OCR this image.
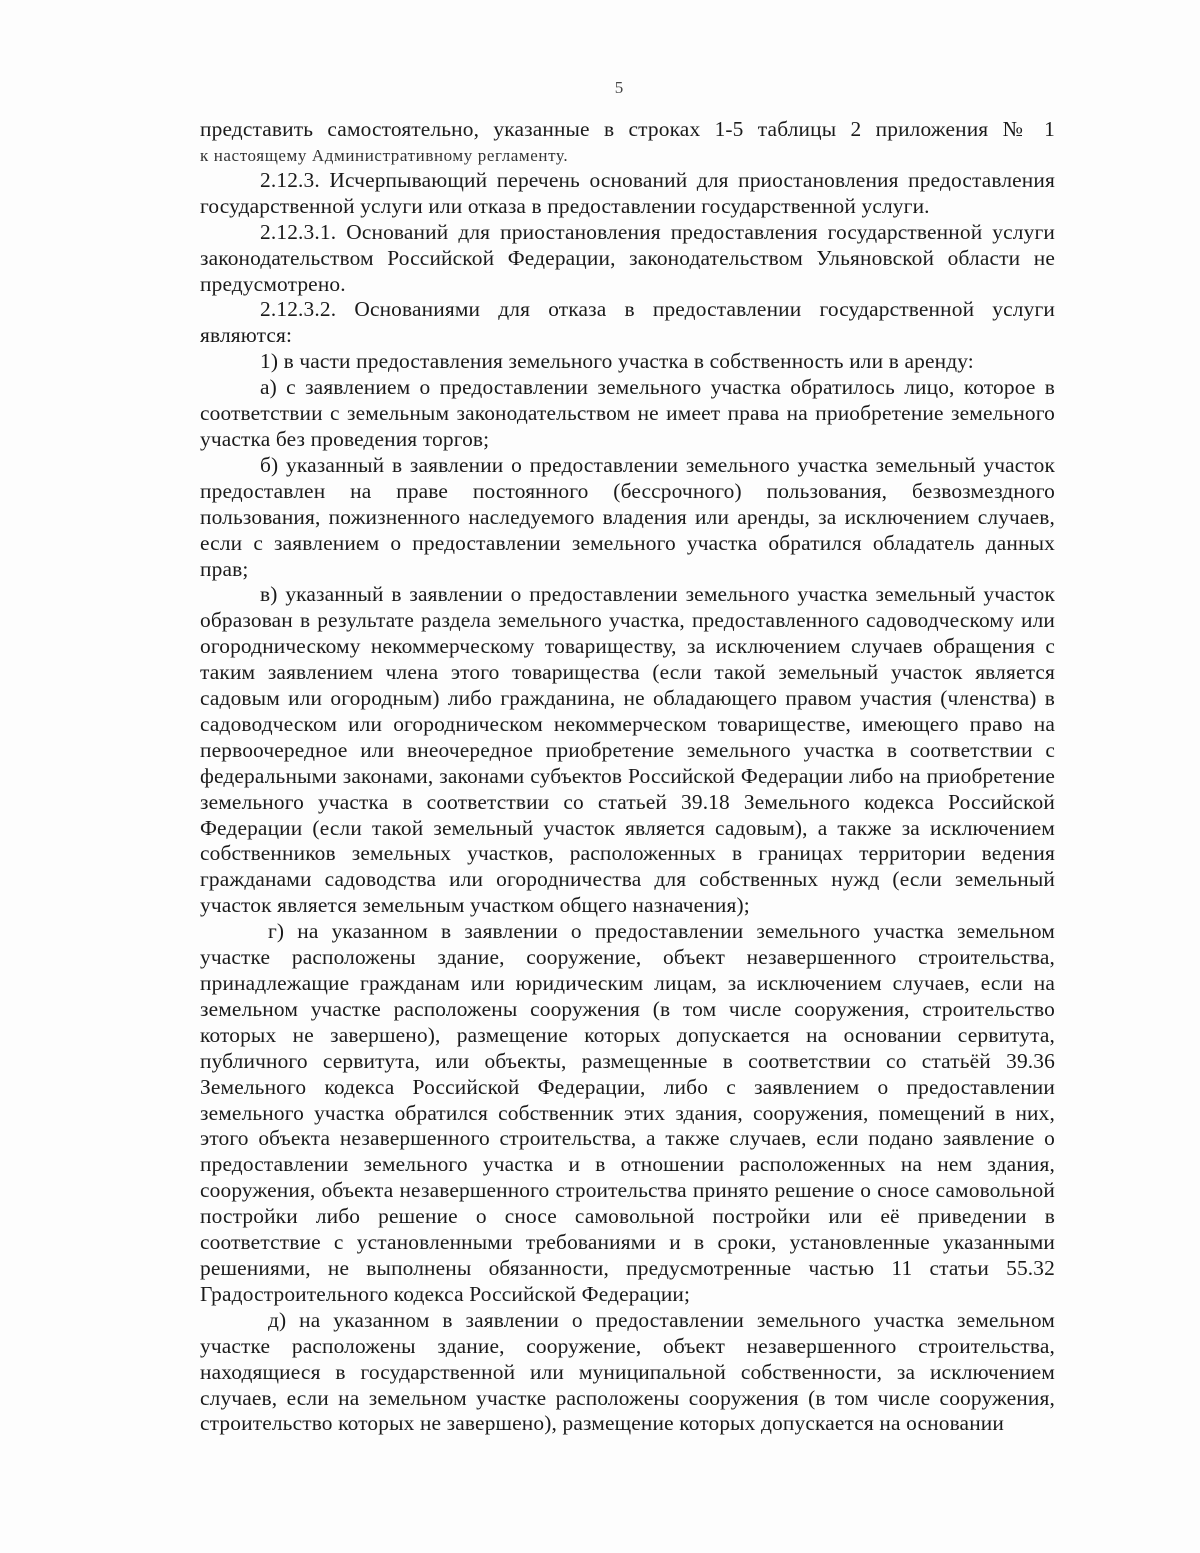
5

представить самостоятельно, указанные в строках 1-5 таблицы 2 приложения № 1

к настоящему Административному регламенту.

2.12.3. Исчерпывающий перечень оснований для приостановления предоставления государственной услуги или отказа в предоставлении государственной услуги.

2.12.3.1. Оснований для приостановления предоставления государственной услуги законодательством Российской Федерации, законодательством Ульяновской области не предусмотрено.

2.12.3.2. Основаниями для отказа в предоставлении государственной услуги являются:

1) в части предоставления земельного участка в собственность или в аренду:

а) с заявлением о предоставлении земельного участка обратилось лицо, которое в соответствии с земельным законодательством не имеет права на приобретение земельного участка без проведения торгов;

б) указанный в заявлении о предоставлении земельного участка земельный участок предоставлен на праве постоянного (бессрочного) пользования, безвозмездного пользования, пожизненного наследуемого владения или аренды, за исключением случаев, если с заявлением о предоставлении земельного участка обратился обладатель данных прав;

в) указанный в заявлении о предоставлении земельного участка земельный участок образован в результате раздела земельного участка, предоставленного садоводческому или огородническому некоммерческому товариществу, за исключением случаев обращения с таким заявлением члена этого товарищества (если такой земельный участок является садовым или огородным) либо гражданина, не обладающего правом участия (членства) в садоводческом или огородническом некоммерческом товариществе, имеющего право на первоочередное или внеочередное приобретение земельного участка в соответствии с федеральными законами, законами субъектов Российской Федерации либо на приобретение земельного участка в соответствии со статьей 39.18 Земельного кодекса Российской Федерации (если такой земельный участок является садовым), а также за исключением собственников земельных участков, расположенных в границах территории ведения гражданами садоводства или огородничества для собственных нужд (если земельный участок является земельным участком общего назначения);

г) на указанном в заявлении о предоставлении земельного участка земельном участке расположены здание, сооружение, объект незавершенного строительства, принадлежащие гражданам или юридическим лицам, за исключением случаев, если на земельном участке расположены сооружения (в том числе сооружения, строительство которых не завершено), размещение которых допускается на основании сервитута, публичного сервитута, или объекты, размещенные в соответствии со статьёй 39.36 Земельного кодекса Российской Федерации, либо с заявлением о предоставлении земельного участка обратился собственник этих здания, сооружения, помещений в них, этого объекта незавершенного строительства, а также случаев, если подано заявление о предоставлении земельного участка и в отношении расположенных на нем здания, сооружения, объекта незавершенного строительства принято решение о сносе самовольной постройки либо решение о сносе самовольной постройки или её приведении в соответствие с установленными требованиями и в сроки, установленные указанными решениями, не выполнены обязанности, предусмотренные частью 11 статьи 55.32 Градостроительного кодекса Российской Федерации;

д) на указанном в заявлении о предоставлении земельного участка земельном участке расположены здание, сооружение, объект незавершенного строительства, находящиеся в государственной или муниципальной собственности, за исключением случаев, если на земельном участке расположены сооружения (в том числе сооружения, строительство которых не завершено), размещение которых допускается на основании
